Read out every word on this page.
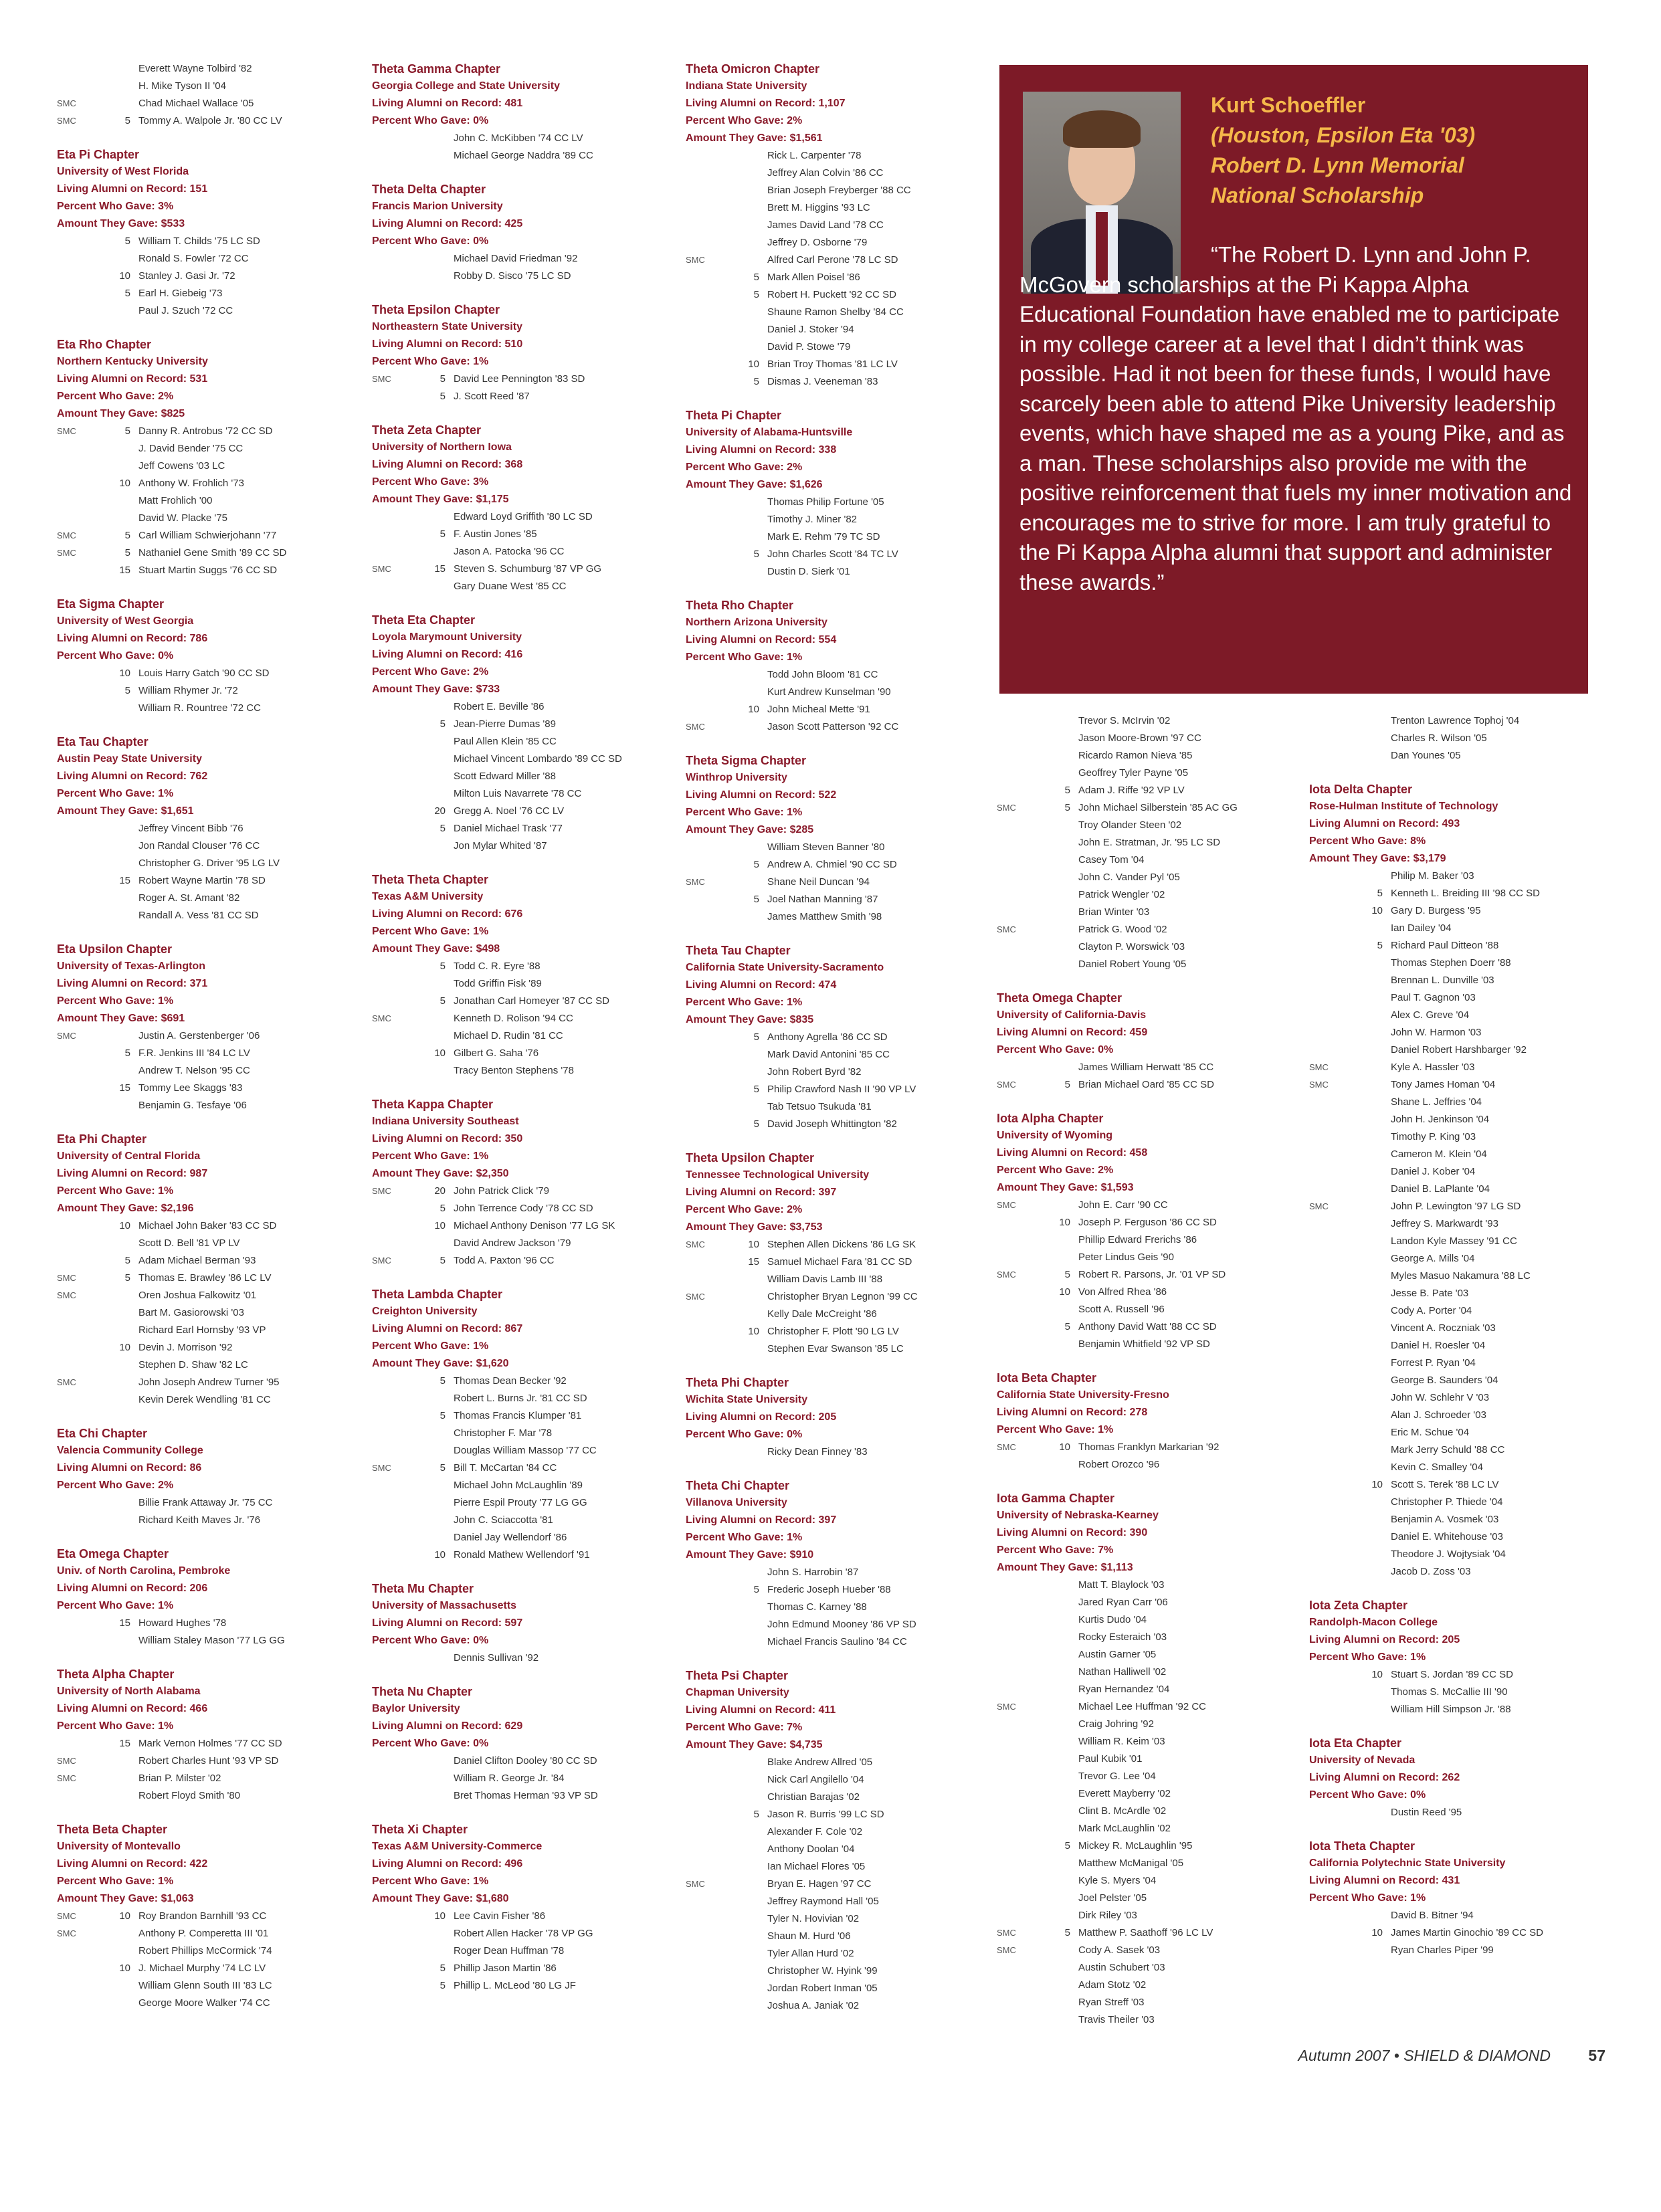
Everett Wayne Tolbird '82
H. Mike Tyson II '04
SMC	Chad Michael Wallace '05
SMC	5 Tommy A. Walpole Jr. '80 CC LV
Eta Pi Chapter
University of West Florida
Living Alumni on Record: 151
Percent Who Gave: 3%
Amount They Gave: $533
5 William T. Childs '75 LC SD
Ronald S. Fowler '72 CC
10 Stanley J. Gasi Jr. '72
5 Earl H. Giebeig '73
Paul J. Szuch '72 CC
Eta Rho Chapter
Northern Kentucky University
Living Alumni on Record: 531
Percent Who Gave: 2%
Amount They Gave: $825
SMC	5 Danny R. Antrobus '72 CC SD
J. David Bender '75 CC
Jeff Cowens '03 LC
10 Anthony W. Frohlich '73
Matt Frohlich '00
David W. Placke '75
SMC	5 Carl William Schwierjohann '77
SMC	5 Nathaniel Gene Smith '89 CC SD
15 Stuart Martin Suggs '76 CC SD
Eta Sigma Chapter
University of West Georgia
Living Alumni on Record: 786
Percent Who Gave: 0%
10 Louis Harry Gatch '90 CC SD
5 William Rhymer Jr. '72
William R. Rountree '72 CC
Eta Tau Chapter
Austin Peay State University
Living Alumni on Record: 762
Percent Who Gave: 1%
Amount They Gave: $1,651
Jeffrey Vincent Bibb '76
Jon Randal Clouser '76 CC
Christopher G. Driver '95 LG LV
15 Robert Wayne Martin '78 SD
Roger A. St. Amant '82
Randall A. Vess '81 CC SD
Eta Upsilon Chapter
University of Texas-Arlington
Living Alumni on Record: 371
Percent Who Gave: 1%
Amount They Gave: $691
SMC	Justin A. Gerstenberger '06
5 F.R. Jenkins III '84 LC LV
Andrew T. Nelson '95 CC
15 Tommy Lee Skaggs '83
Benjamin G. Tesfaye '06
Eta Phi Chapter
University of Central Florida
Living Alumni on Record: 987
Percent Who Gave: 1%
Amount They Gave: $2,196
10 Michael John Baker '83 CC SD
Scott D. Bell '81 VP LV
5 Adam Michael Berman '93
SMC	5 Thomas E. Brawley '86 LC LV
SMC	Oren Joshua Falkowitz '01
Bart M. Gasiorowski '03
Richard Earl Hornsby '93 VP
10 Devin J. Morrison '92
Stephen D. Shaw '82 LC
SMC	John Joseph Andrew Turner '95
Kevin Derek Wendling '81 CC
Eta Chi Chapter
Valencia Community College
Living Alumni on Record: 86
Percent Who Gave: 2%
Billie Frank Attaway Jr. '75 CC
Richard Keith Maves Jr. '76
Eta Omega Chapter
Univ. of North Carolina, Pembroke
Living Alumni on Record: 206
Percent Who Gave: 1%
15 Howard Hughes '78
William Staley Mason '77 LG GG
Theta Alpha Chapter
University of North Alabama
Living Alumni on Record: 466
Percent Who Gave: 1%
15 Mark Vernon Holmes '77 CC SD
SMC	Robert Charles Hunt '93 VP SD
SMC	Brian P. Milster '02
Robert Floyd Smith '80
Theta Beta Chapter
University of Montevallo
Living Alumni on Record: 422
Percent Who Gave: 1%
Amount They Gave: $1,063
SMC	10 Roy Brandon Barnhill '93 CC
SMC	Anthony P. Comperetta III '01
Robert Phillips McCormick '74
10 J. Michael Murphy '74 LC LV
William Glenn South III '83 LC
George Moore Walker '74 CC
Theta Gamma Chapter
Georgia College and State University
Living Alumni on Record: 481
Percent Who Gave: 0%
John C. McKibben '74 CC LV
Michael George Naddra '89 CC
Theta Delta Chapter
Francis Marion University
Living Alumni on Record: 425
Percent Who Gave: 0%
Michael David Friedman '92
Robby D. Sisco '75 LC SD
Theta Epsilon Chapter
Northeastern State University
Living Alumni on Record: 510
Percent Who Gave: 1%
SMC	5 David Lee Pennington '83 SD
5 J. Scott Reed '87
Theta Zeta Chapter
University of Northern Iowa
Living Alumni on Record: 368
Percent Who Gave: 3%
Amount They Gave: $1,175
Edward Loyd Griffith '80 LC SD
5 F. Austin Jones '85
Jason A. Patocka '96 CC
SMC	15 Steven S. Schumburg '87 VP GG
Gary Duane West '85 CC
Theta Eta Chapter
Loyola Marymount University
Living Alumni on Record: 416
Percent Who Gave: 2%
Amount They Gave: $733
Robert E. Beville '86
5 Jean-Pierre Dumas '89
Paul Allen Klein '85 CC
Michael Vincent Lombardo '89 CC SD
Scott Edward Miller '88
Milton Luis Navarrete '78 CC
20 Gregg A. Noel '76 CC LV
5 Daniel Michael Trask '77
Jon Mylar Whited '87
Theta Theta Chapter
Texas A&M University
Living Alumni on Record: 676
Percent Who Gave: 1%
Amount They Gave: $498
5 Todd C. R. Eyre '88
Todd Griffin Fisk '89
5 Jonathan Carl Homeyer '87 CC SD
SMC	Kenneth D. Rolison '94 CC
Michael D. Rudin '81 CC
10 Gilbert G. Saha '76
Tracy Benton Stephens '78
Theta Kappa Chapter
Indiana University Southeast
Living Alumni on Record: 350
Percent Who Gave: 1%
Amount They Gave: $2,350
SMC	20 John Patrick Click '79
5 John Terrence Cody '78 CC SD
10 Michael Anthony Denison '77 LG SK
David Andrew Jackson '79
SMC	5 Todd A. Paxton '96 CC
Theta Lambda Chapter
Creighton University
Living Alumni on Record: 867
Percent Who Gave: 1%
Amount They Gave: $1,620
5 Thomas Dean Becker '92
Robert L. Burns Jr. '81 CC SD
5 Thomas Francis Klumper '81
Christopher F. Mar '78
Douglas William Massop '77 CC
SMC	5 Bill T. McCartan '84 CC
Michael John McLaughlin '89
Pierre Espil Prouty '77 LG GG
John C. Sciaccotta '81
Daniel Jay Wellendorf '86
10 Ronald Mathew Wellendorf '91
Theta Mu Chapter
University of Massachusetts
Living Alumni on Record: 597
Percent Who Gave: 0%
Dennis Sullivan '92
Theta Nu Chapter
Baylor University
Living Alumni on Record: 629
Percent Who Gave: 0%
Daniel Clifton Dooley '80 CC SD
William R. George Jr. '84
Bret Thomas Herman '93 VP SD
Theta Xi Chapter
Texas A&M University-Commerce
Living Alumni on Record: 496
Percent Who Gave: 1%
Amount They Gave: $1,680
10 Lee Cavin Fisher '86
Robert Allen Hacker '78 VP GG
Roger Dean Huffman '78
5 Phillip Jason Martin '86
5 Phillip L. McLeod '80 LG JF
Theta Omicron Chapter
Indiana State University
Living Alumni on Record: 1,107
Percent Who Gave: 2%
Amount They Gave: $1,561
Rick L. Carpenter '78
Jeffrey Alan Colvin '86 CC
Brian Joseph Freyberger '88 CC
Brett M. Higgins '93 LC
James David Land '78 CC
Jeffrey D. Osborne '79
SMC	Alfred Carl Perone '78 LC SD
5 Mark Allen Poisel '86
5 Robert H. Puckett '92 CC SD
Shaune Ramon Shelby '84 CC
Daniel J. Stoker '94
David P. Stowe '79
10 Brian Troy Thomas '81 LC LV
5 Dismas J. Veeneman '83
Theta Pi Chapter
University of Alabama-Huntsville
Living Alumni on Record: 338
Percent Who Gave: 2%
Amount They Gave: $1,626
Thomas Philip Fortune '05
Timothy J. Miner '82
Mark E. Rehm '79 TC SD
5 John Charles Scott '84 TC LV
Dustin D. Sierk '01
Theta Rho Chapter
Northern Arizona University
Living Alumni on Record: 554
Percent Who Gave: 1%
Todd John Bloom '81 CC
Kurt Andrew Kunselman '90
10 John Micheal Mette '91
SMC	Jason Scott Patterson '92 CC
Theta Sigma Chapter
Winthrop University
Living Alumni on Record: 522
Percent Who Gave: 1%
Amount They Gave: $285
William Steven Banner '80
5 Andrew A. Chmiel '90 CC SD
SMC	Shane Neil Duncan '94
5 Joel Nathan Manning '87
James Matthew Smith '98
Theta Tau Chapter
California State University-Sacramento
Living Alumni on Record: 474
Percent Who Gave: 1%
Amount They Gave: $835
5 Anthony Agrella '86 CC SD
Mark David Antonini '85 CC
John Robert Byrd '82
5 Philip Crawford Nash II '90 VP LV
Tab Tetsuo Tsukuda '81
5 David Joseph Whittington '82
Theta Upsilon Chapter
Tennessee Technological University
Living Alumni on Record: 397
Percent Who Gave: 2%
Amount They Gave: $3,753
SMC	10 Stephen Allen Dickens '86 LG SK
15 Samuel Michael Fara '81 CC SD
William Davis Lamb III '88
SMC	Christopher Bryan Legnon '99 CC
Kelly Dale McCreight '86
10 Christopher F. Plott '90 LG LV
Stephen Evar Swanson '85 LC
Theta Phi Chapter
Wichita State University
Living Alumni on Record: 205
Percent Who Gave: 0%
Ricky Dean Finney '83
Theta Chi Chapter
Villanova University
Living Alumni on Record: 397
Percent Who Gave: 1%
Amount They Gave: $910
John S. Harrobin '87
5 Frederic Joseph Hueber '88
Thomas C. Karney '88
John Edmund Mooney '86 VP SD
Michael Francis Saulino '84 CC
Theta Psi Chapter
Chapman University
Living Alumni on Record: 411
Percent Who Gave: 7%
Amount They Gave: $4,735
Blake Andrew Allred '05
Nick Carl Angilello '04
Christian Barajas '02
5 Jason R. Burris '99 LC SD
Alexander F. Cole '02
Anthony Doolan '04
Ian Michael Flores '05
SMC	Bryan E. Hagen '97 CC
Jeffrey Raymond Hall '05
Tyler N. Hovivian '02
Shaun M. Hurd '06
Tyler Allan Hurd '02
Christopher W. Hyink '99
Jordan Robert Inman '05
Joshua A. Janiak '02
Trevor S. McIrvin '02
Jason Moore-Brown '97 CC
Ricardo Ramon Nieva '85
Geoffrey Tyler Payne '05
5 Adam J. Riffe '92 VP LV
SMC	5 John Michael Silberstein '85 AC GG
Troy Olander Steen '02
John E. Stratman, Jr. '95 LC SD
Casey Tom '04
John C. Vander Pyl '05
Patrick Wengler '02
Brian Winter '03
SMC	Patrick G. Wood '02
Clayton P. Worswick '03
Daniel Robert Young '05
Theta Omega Chapter
University of California-Davis
Living Alumni on Record: 459
Percent Who Gave: 0%
James William Herwatt '85 CC
SMC	5 Brian Michael Oard '85 CC SD
Iota Alpha Chapter
University of Wyoming
Living Alumni on Record: 458
Percent Who Gave: 2%
Amount They Gave: $1,593
SMC	John E. Carr '90 CC
10 Joseph P. Ferguson '86 CC SD
Phillip Edward Frerichs '86
Peter Lindus Geis '90
SMC	5 Robert R. Parsons, Jr. '01 VP SD
10 Von Alfred Rhea '86
Scott A. Russell '96
5 Anthony David Watt '88 CC SD
Benjamin Whitfield '92 VP SD
Iota Beta Chapter
California State University-Fresno
Living Alumni on Record: 278
Percent Who Gave: 1%
SMC	10 Thomas Franklyn Markarian '92
Robert Orozco '96
Iota Gamma Chapter
University of Nebraska-Kearney
Living Alumni on Record: 390
Percent Who Gave: 7%
Amount They Gave: $1,113
Matt T. Blaylock '03
Jared Ryan Carr '06
Kurtis Dudo '04
Rocky Esteraich '03
Austin Garner '05
Nathan Halliwell '02
Ryan Hernandez '04
SMC	Michael Lee Huffman '92 CC
Craig Johring '92
William R. Keim '03
Paul Kubik '01
Trevor G. Lee '04
Everett Mayberry '02
Clint B. McArdle '02
Mark McLaughlin '02
5 Mickey R. McLaughlin '95
Matthew McManigal '05
Kyle S. Myers '04
Joel Pelster '05
Dirk Riley '03
SMC	5 Matthew P. Saathoff '96 LC LV
SMC	Cody A. Sasek '03
Austin Schubert '03
Adam Stotz '02
Ryan Streff '03
Travis Theiler '03
Trenton Lawrence Tophoj '04
Charles R. Wilson '05
Dan Younes '05
Iota Delta Chapter
Rose-Hulman Institute of Technology
Living Alumni on Record: 493
Percent Who Gave: 8%
Amount They Gave: $3,179
Philip M. Baker '03
5 Kenneth L. Breiding III '98 CC SD
10 Gary D. Burgess '95
Ian Dailey '04
5 Richard Paul Ditteon '88
Thomas Stephen Doerr '88
Brennan L. Dunville '03
Paul T. Gagnon '03
Alex C. Greve '04
John W. Harmon '03
Daniel Robert Harshbarger '92
SMC	Kyle A. Hassler '03
SMC	Tony James Homan '04
Shane L. Jeffries '04
John H. Jenkinson '04
Timothy P. King '03
Cameron M. Klein '04
Daniel J. Kober '04
Daniel B. LaPlante '04
SMC	John P. Lewington '97 LG SD
Jeffrey S. Markwardt '93
Landon Kyle Massey '91 CC
George A. Mills '04
Myles Masuo Nakamura '88 LC
Jesse B. Pate '03
Cody A. Porter '04
Vincent A. Roczniak '03
Daniel H. Roesler '04
Forrest P. Ryan '04
George B. Saunders '04
John W. Schlehr V '03
Alan J. Schroeder '03
Eric M. Schue '04
Mark Jerry Schuld '88 CC
Kevin C. Smalley '04
10 Scott S. Terek '88 LC LV
Christopher P. Thiede '04
Benjamin A. Vosmek '03
Daniel E. Whitehouse '03
Theodore J. Wojtysiak '04
Jacob D. Zoss '03
Iota Zeta Chapter
Randolph-Macon College
Living Alumni on Record: 205
Percent Who Gave: 1%
10 Stuart S. Jordan '89 CC SD
Thomas S. McCallie III '90
William Hill Simpson Jr. '88
Iota Eta Chapter
University of Nevada
Living Alumni on Record: 262
Percent Who Gave: 0%
Dustin Reed '95
Iota Theta Chapter
California Polytechnic State University
Living Alumni on Record: 431
Percent Who Gave: 1%
David B. Bitner '94
10 James Martin Ginochio '89 CC SD
Ryan Charles Piper '99
Kurt Schoeffler
(Houston, Epsilon Eta '03)
Robert D. Lynn Memorial
National Scholarship
“The Robert D. Lynn and John P. McGovern scholarships at the Pi Kappa Alpha Educational Foundation have enabled me to participate in my college career at a level that I didn’t think was possible. Had it not been for these funds, I would have scarcely been able to attend Pike University leadership events, which have shaped me as a young Pike, and as a man. These scholarships also provide me with the positive reinforcement that fuels my inner motivation and encourages me to strive for more. I am truly grateful to the Pi Kappa Alpha alumni that support and administer these awards.”
Autumn 2007 • SHIELD & DIAMOND 57
